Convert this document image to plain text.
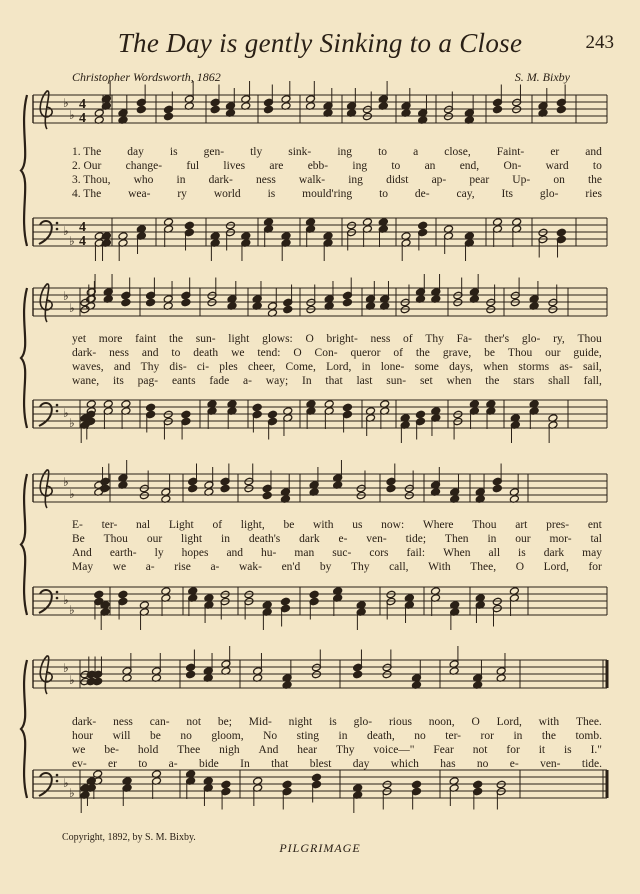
The Day is gently Sinking to a Close	243
Christopher Wordsworth, 1862	S. M. Bixby
♭
♭
4
4
♭
♭
4
4
♭
♭
♭
♭
♭
♭
♭
♭
♭
♭
♭
♭
Copyright, 1892, by S. M. Bixby.
PILGRIMAGE
1. The day is gen- tly sink- ing to a close, Faint- er and
2. Our change- ful lives are ebb- ing to an end, On- ward to
3. Thou, who in dark- ness walk- ing didst ap- pear Up- on the
4. The wea- ry world is mould'ring to de- cay, Its glo- ries
yet more faint the sun- light glows: O bright- ness of Thy Fa- ther's glo- ry, Thou
dark- ness and to death we tend: O Con- queror of the grave, be Thou our guide,
waves, and Thy dis- ci- ples cheer, Come, Lord, in lone- some days, when storms as- sail,
wane, its pag- eants fade a- way; In that last sun- set when the stars shall fall,
E- ter- nal Light of light, be with us now: Where Thou art pres- ent
Be Thou our light in death's dark e- ven- tide; Then in our mor- tal
And earth- ly hopes and hu- man suc- cors fail: When all is dark may
May we a- rise a- wak- en'd by Thy call, With Thee, O Lord, for
dark- ness can- not be; Mid- night is glo- rious noon, O Lord, with Thee.
hour will be no gloom, No sting in death, no ter- ror in the tomb.
we be- hold Thee nigh And hear Thy voice—" Fear not for it is I."
ev- er to a- bide In that blest day which has no e- ven- tide.
